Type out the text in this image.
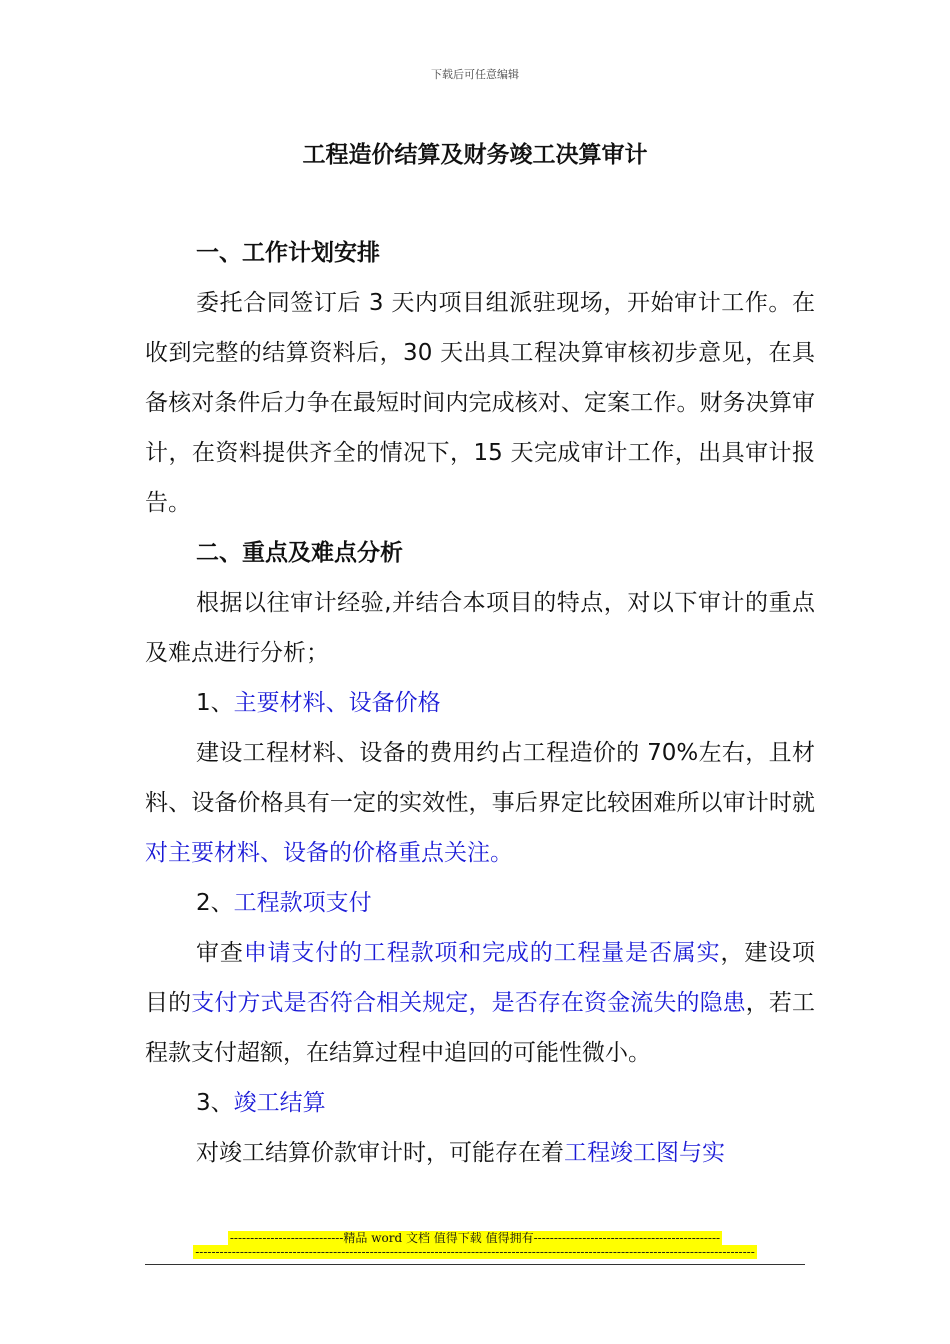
下载后可任意编辑
工程造价结算及财务竣工决算审计

一、工作计划安排

委托合同签订后 3 天内项目组派驻现场，开始审计工作。在收到完整的结算资料后，30 天出具工程决算审核初步意见，在具备核对条件后力争在最短时间内完成核对、定案工作。财务决算审计，在资料提供齐全的情况下，15 天完成审计工作，出具审计报告。

二、重点及难点分析

根据以往审计经验,并结合本项目的特点，对以下审计的重点及难点进行分析；

1、主要材料、设备价格

建设工程材料、设备的费用约占工程造价的 70%左右，且材料、设备价格具有一定的实效性，事后界定比较困难所以审计时就对主要材料、设备的价格重点关注。

2、工程款项支付

审查申请支付的工程款项和完成的工程量是否属实，建设项目的支付方式是否符合相关规定，是否存在资金流失的隐患，若工程款支付超额，在结算过程中追回的可能性微小。

3、竣工结算

对竣工结算价款审计时，可能存在着工程竣工图与实

----------------------------精品 word 文档 值得下载 值得拥有----------------------------------------------
------------------------------------------------------------------------------------------------------------------------------------------
